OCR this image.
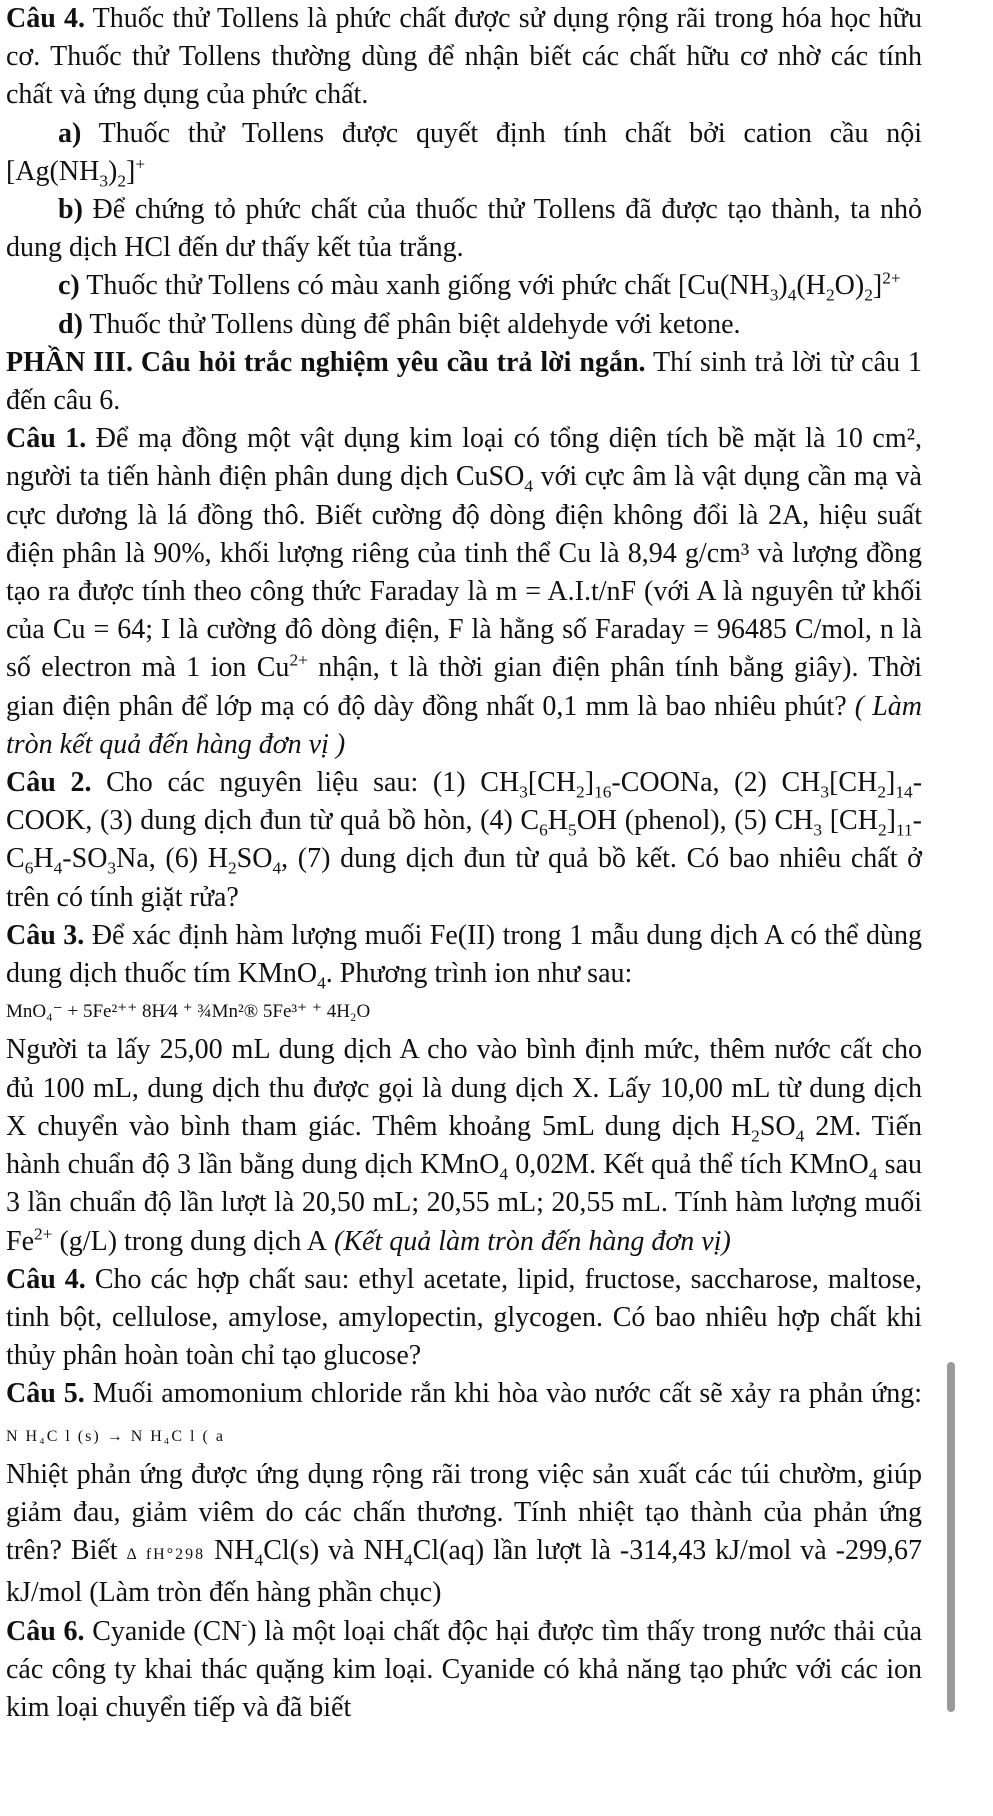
Câu 4. Thuốc thử Tollens là phức chất được sử dụng rộng rãi trong hóa học hữu cơ. Thuốc thử Tollens thường dùng để nhận biết các chất hữu cơ nhờ các tính chất và ứng dụng của phức chất.

a) Thuốc thử Tollens được quyết định tính chất bởi cation cầu nội $[Ag(NH_3)_2]^+$

b) Để chứng tỏ phức chất của thuốc thử Tollens đã được tạo thành, ta nhỏ dung dịch HCl đến dư thấy kết tủa trắng.

c) Thuốc thử Tollens có màu xanh giống với phức chất $[Cu(NH_3)_4(H_2O)_2]^{2+}$

d) Thuốc thử Tollens dùng để phân biệt aldehyde với ketone.

PHẦN III. Câu hỏi trắc nghiệm yêu cầu trả lời ngắn. Thí sinh trả lời từ câu 1 đến câu 6.

Câu 1. Để mạ đồng một vật dụng kim loại có tổng diện tích bề mặt là 10 cm², người ta tiến hành điện phân dung dịch CuSO$_4$ với cực âm là vật dụng cần mạ và cực dương là lá đồng thô. Biết cường độ dòng điện không đổi là 2A, hiệu suất điện phân là 90%, khối lượng riêng của tinh thể Cu là 8,94 g/cm³ và lượng đồng tạo ra được tính theo công thức Faraday là m = A.I.t/nF (với A là nguyên tử khối của Cu = 64; I là cường đô dòng điện, F là hằng số Faraday = 96485 C/mol, n là số electron mà 1 ion $Cu^{2+}$ nhận, t là thời gian điện phân tính bằng giây). Thời gian điện phân để lớp mạ có độ dày đồng nhất 0,1 mm là bao nhiêu phút? ( Làm tròn kết quả đến hàng đơn vị )

Câu 2. Cho các nguyên liệu sau: (1) $CH_3[CH_2]_{16}$-COONa, (2) $CH_3[CH_2]_{14}$-COOK, (3) dung dịch đun từ quả bồ hòn, (4) $C_6H_5OH$ (phenol), (5) $CH_3$ $[CH_2]_{11}-C_6H_4-SO_3Na$, (6) $H_2SO_4$, (7) dung dịch đun từ quả bồ kết. Có bao nhiêu chất ở trên có tính giặt rửa?

Câu 3. Để xác định hàm lượng muối Fe(II) trong 1 mẫu dung dịch A có thể dùng dung dịch thuốc tím KMnO$_4$. Phương trình ion như sau:

MnO₄⁻ + 5Fe²⁺⁺ 8H⁄4 ⁺ ¾Mn²® 5Fe³⁺ ⁺ 4H₂O

Người ta lấy 25,00 mL dung dịch A cho vào bình định mức, thêm nước cất cho đủ 100 mL, dung dịch thu được gọi là dung dịch X. Lấy 10,00 mL từ dung dịch X chuyển vào bình tham giác. Thêm khoảng 5mL dung dịch $H_2SO_4$ 2M. Tiến hành chuẩn độ 3 lần bằng dung dịch KMnO$_4$ 0,02M. Kết quả thể tích KMnO$_4$ sau 3 lần chuẩn độ lần lượt là 20,50 mL; 20,55 mL; 20,55 mL. Tính hàm lượng muối $Fe^{2+}$ (g/L) trong dung dịch A (Kết quả làm tròn đến hàng đơn vị)

Câu 4. Cho các hợp chất sau: ethyl acetate, lipid, fructose, saccharose, maltose, tinh bột, cellulose, amylose, amylopectin, glycogen. Có bao nhiêu hợp chất khi thủy phân hoàn toàn chỉ tạo glucose?

Câu 5. Muối amomonium chloride rắn khi hòa vào nước cất sẽ xảy ra phản ứng: N H₄C l (s) → N H₄C l ( a

Nhiệt phản ứng được ứng dụng rộng rãi trong việc sản xuất các túi chườm, giúp giảm đau, giảm viêm do các chấn thương. Tính nhiệt tạo thành của phản ứng trên? Biết Δ fH°298 $NH_4Cl(s)$ và $NH_4Cl(aq)$ lần lượt là -314,43 kJ/mol và -299,67 kJ/mol (Làm tròn đến hàng phần chục)

Câu 6. Cyanide (CN-) là một loại chất độc hại được tìm thấy trong nước thải của các công ty khai thác quặng kim loại. Cyanide có khả năng tạo phức với các ion kim loại chuyển tiếp và đã biết
